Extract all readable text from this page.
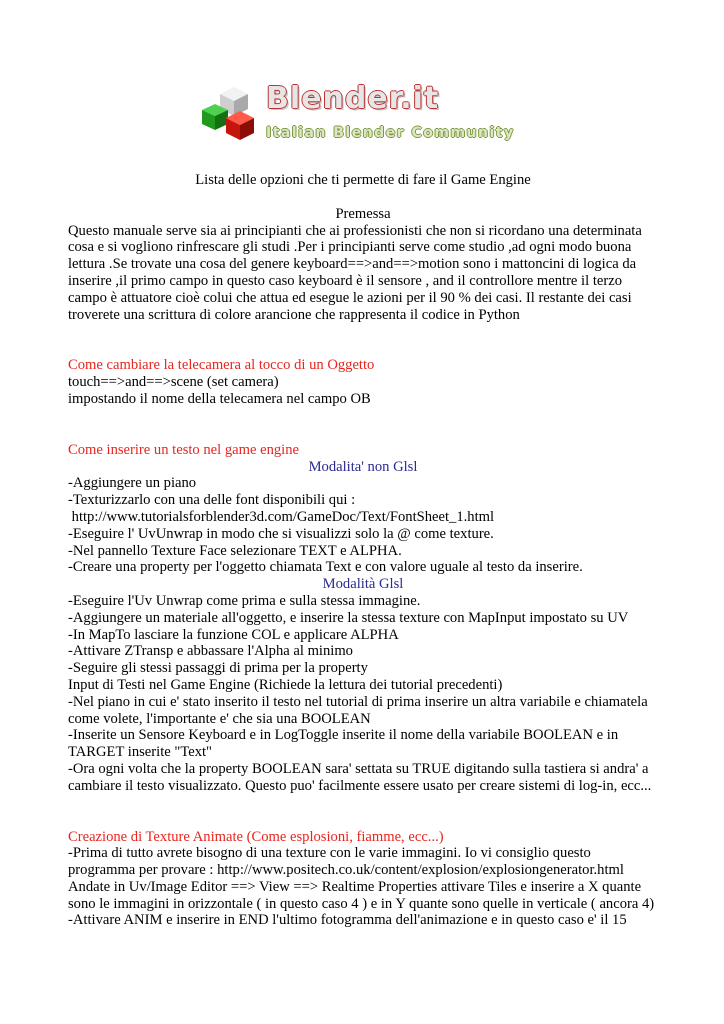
Blender.it
Italian Blender Community
Lista delle opzioni che ti permette di fare il Game Engine
Premessa
Questo manuale serve sia ai principianti che ai professionisti che non si ricordano una determinata cosa e si vogliono rinfrescare gli studi .Per i principianti serve come studio ,ad ogni modo buona lettura .Se trovate una cosa del genere keyboard==>and==>motion sono i mattoncini di logica da inserire ,il primo campo in questo caso keyboard è il sensore , and il controllore mentre il terzo campo è attuatore cioè colui che attua ed esegue le azioni per il 90 % dei casi. Il restante dei casi troverete una scrittura di colore arancione che rappresenta il codice in Python
Come cambiare la telecamera al tocco di un Oggetto
touch==>and==>scene (set camera)
impostando il nome della telecamera nel campo OB
Come inserire un testo nel game engine
Modalita' non Glsl
-Aggiungere un piano
-Texturizzarlo con una delle font disponibili qui :
http://www.tutorialsforblender3d.com/GameDoc/Text/FontSheet_1.html
-Eseguire l' UvUnwrap in modo che si visualizzi solo la @ come texture.
-Nel pannello Texture Face selezionare TEXT e ALPHA.
-Creare una property per l'oggetto chiamata Text e con valore uguale al testo da inserire.
Modalità Glsl
-Eseguire l'Uv Unwrap come prima e sulla stessa immagine.
-Aggiungere un materiale all'oggetto, e inserire la stessa texture con MapInput impostato su UV
-In MapTo lasciare la funzione COL e applicare ALPHA
-Attivare ZTransp e abbassare l'Alpha al minimo
-Seguire gli stessi passaggi di prima per la property
Input di Testi nel Game Engine (Richiede la lettura dei tutorial precedenti)
-Nel piano in cui e' stato inserito il testo nel tutorial di prima inserire un altra variabile e chiamatela come volete, l'importante e' che sia una BOOLEAN
-Inserite un Sensore Keyboard e in LogToggle inserite il nome della variabile BOOLEAN e in TARGET inserite "Text"
-Ora ogni volta che la property BOOLEAN sara' settata su TRUE digitando sulla tastiera si andra' a cambiare il testo visualizzato. Questo puo' facilmente essere usato per creare sistemi di log-in, ecc...
Creazione di Texture Animate (Come esplosioni, fiamme, ecc...)
-Prima di tutto avrete bisogno di una texture con le varie immagini. Io vi consiglio questo programma per provare : http://www.positech.co.uk/content/explosion/explosiongenerator.html
Andate in Uv/Image Editor ==> View ==> Realtime Properties attivare Tiles e inserire a X quante sono le immagini in orizzontale ( in questo caso 4 ) e in Y quante sono quelle in verticale ( ancora 4)
-Attivare ANIM e inserire in END l'ultimo fotogramma dell'animazione e in questo caso e' il 15
